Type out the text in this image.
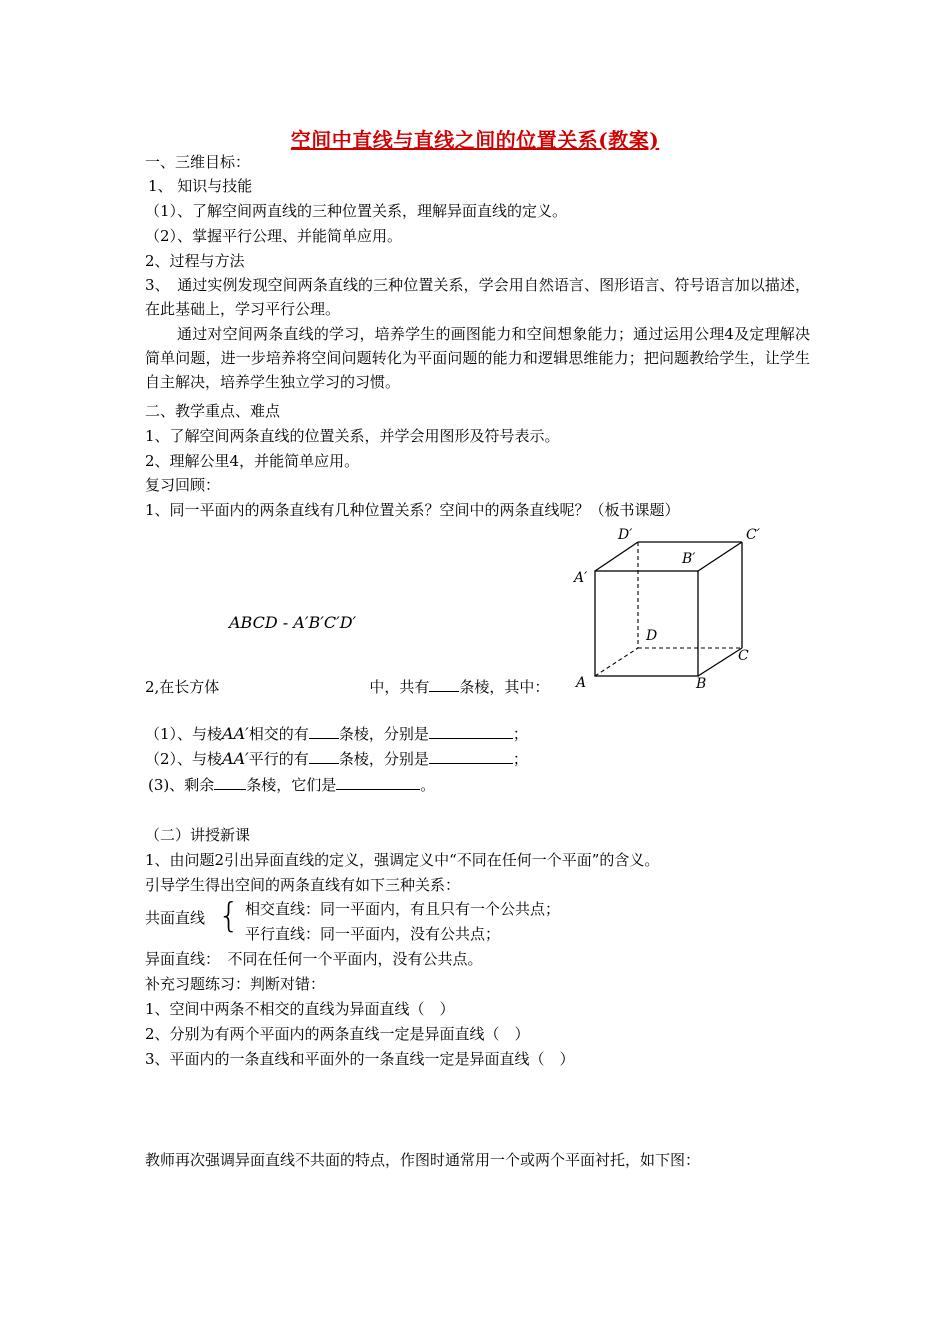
空间中直线与直线之间的位置关系(教案)
一、三维目标：
1、 知识与技能
（1）、了解空间两直线的三种位置关系，理解异面直线的定义。
（2）、掌握平行公理、并能简单应用。
2、过程与方法
3、　通过实例发现空间两条直线的三种位置关系，学会用自然语言、图形语言、符号语言加以描述，在此基础上，学习平行公理。
通过对空间两条直线的学习，培养学生的画图能力和空间想象能力；通过运用公理4及定理解决简单问题，进一步培养将空间问题转化为平面问题的能力和逻辑思维能力；把问题教给学生，让学生自主解决，培养学生独立学习的习惯。
二、教学重点、难点
1、了解空间两条直线的位置关系，并学会用图形及符号表示。
2、理解公里4，并能简单应用。
复习回顾：
1、同一平面内的两条直线有几种位置关系？空间中的两条直线呢？（板书课题）
ABCD - A′B′C′D′
2,在长方体	中，共有 条棱，其中：
（1）、与棱AA′相交的有 条棱，分别是	；
（2）、与棱AA′平行的有 条棱，分别是	；
(3)、剩余 条棱，它们是	。
D′	C′
B′
A′
D
C
A	B
（二）讲授新课
1、由问题2引出异面直线的定义，强调定义中“不同在任何一个平面”的含义。
引导学生得出空间的两条直线有如下三种关系：
共面直线 { 相交直线：同一平面内，有且只有一个公共点；
平行直线：同一平面内，没有公共点；
异面直线：　不同在任何一个平面内，没有公共点。
补充习题练习：判断对错：
1、空间中两条不相交的直线为异面直线（　）
2、分别为有两个平面内的两条直线一定是异面直线（　）
3、平面内的一条直线和平面外的一条直线一定是异面直线（　）
教师再次强调异面直线不共面的特点，作图时通常用一个或两个平面衬托，如下图：
